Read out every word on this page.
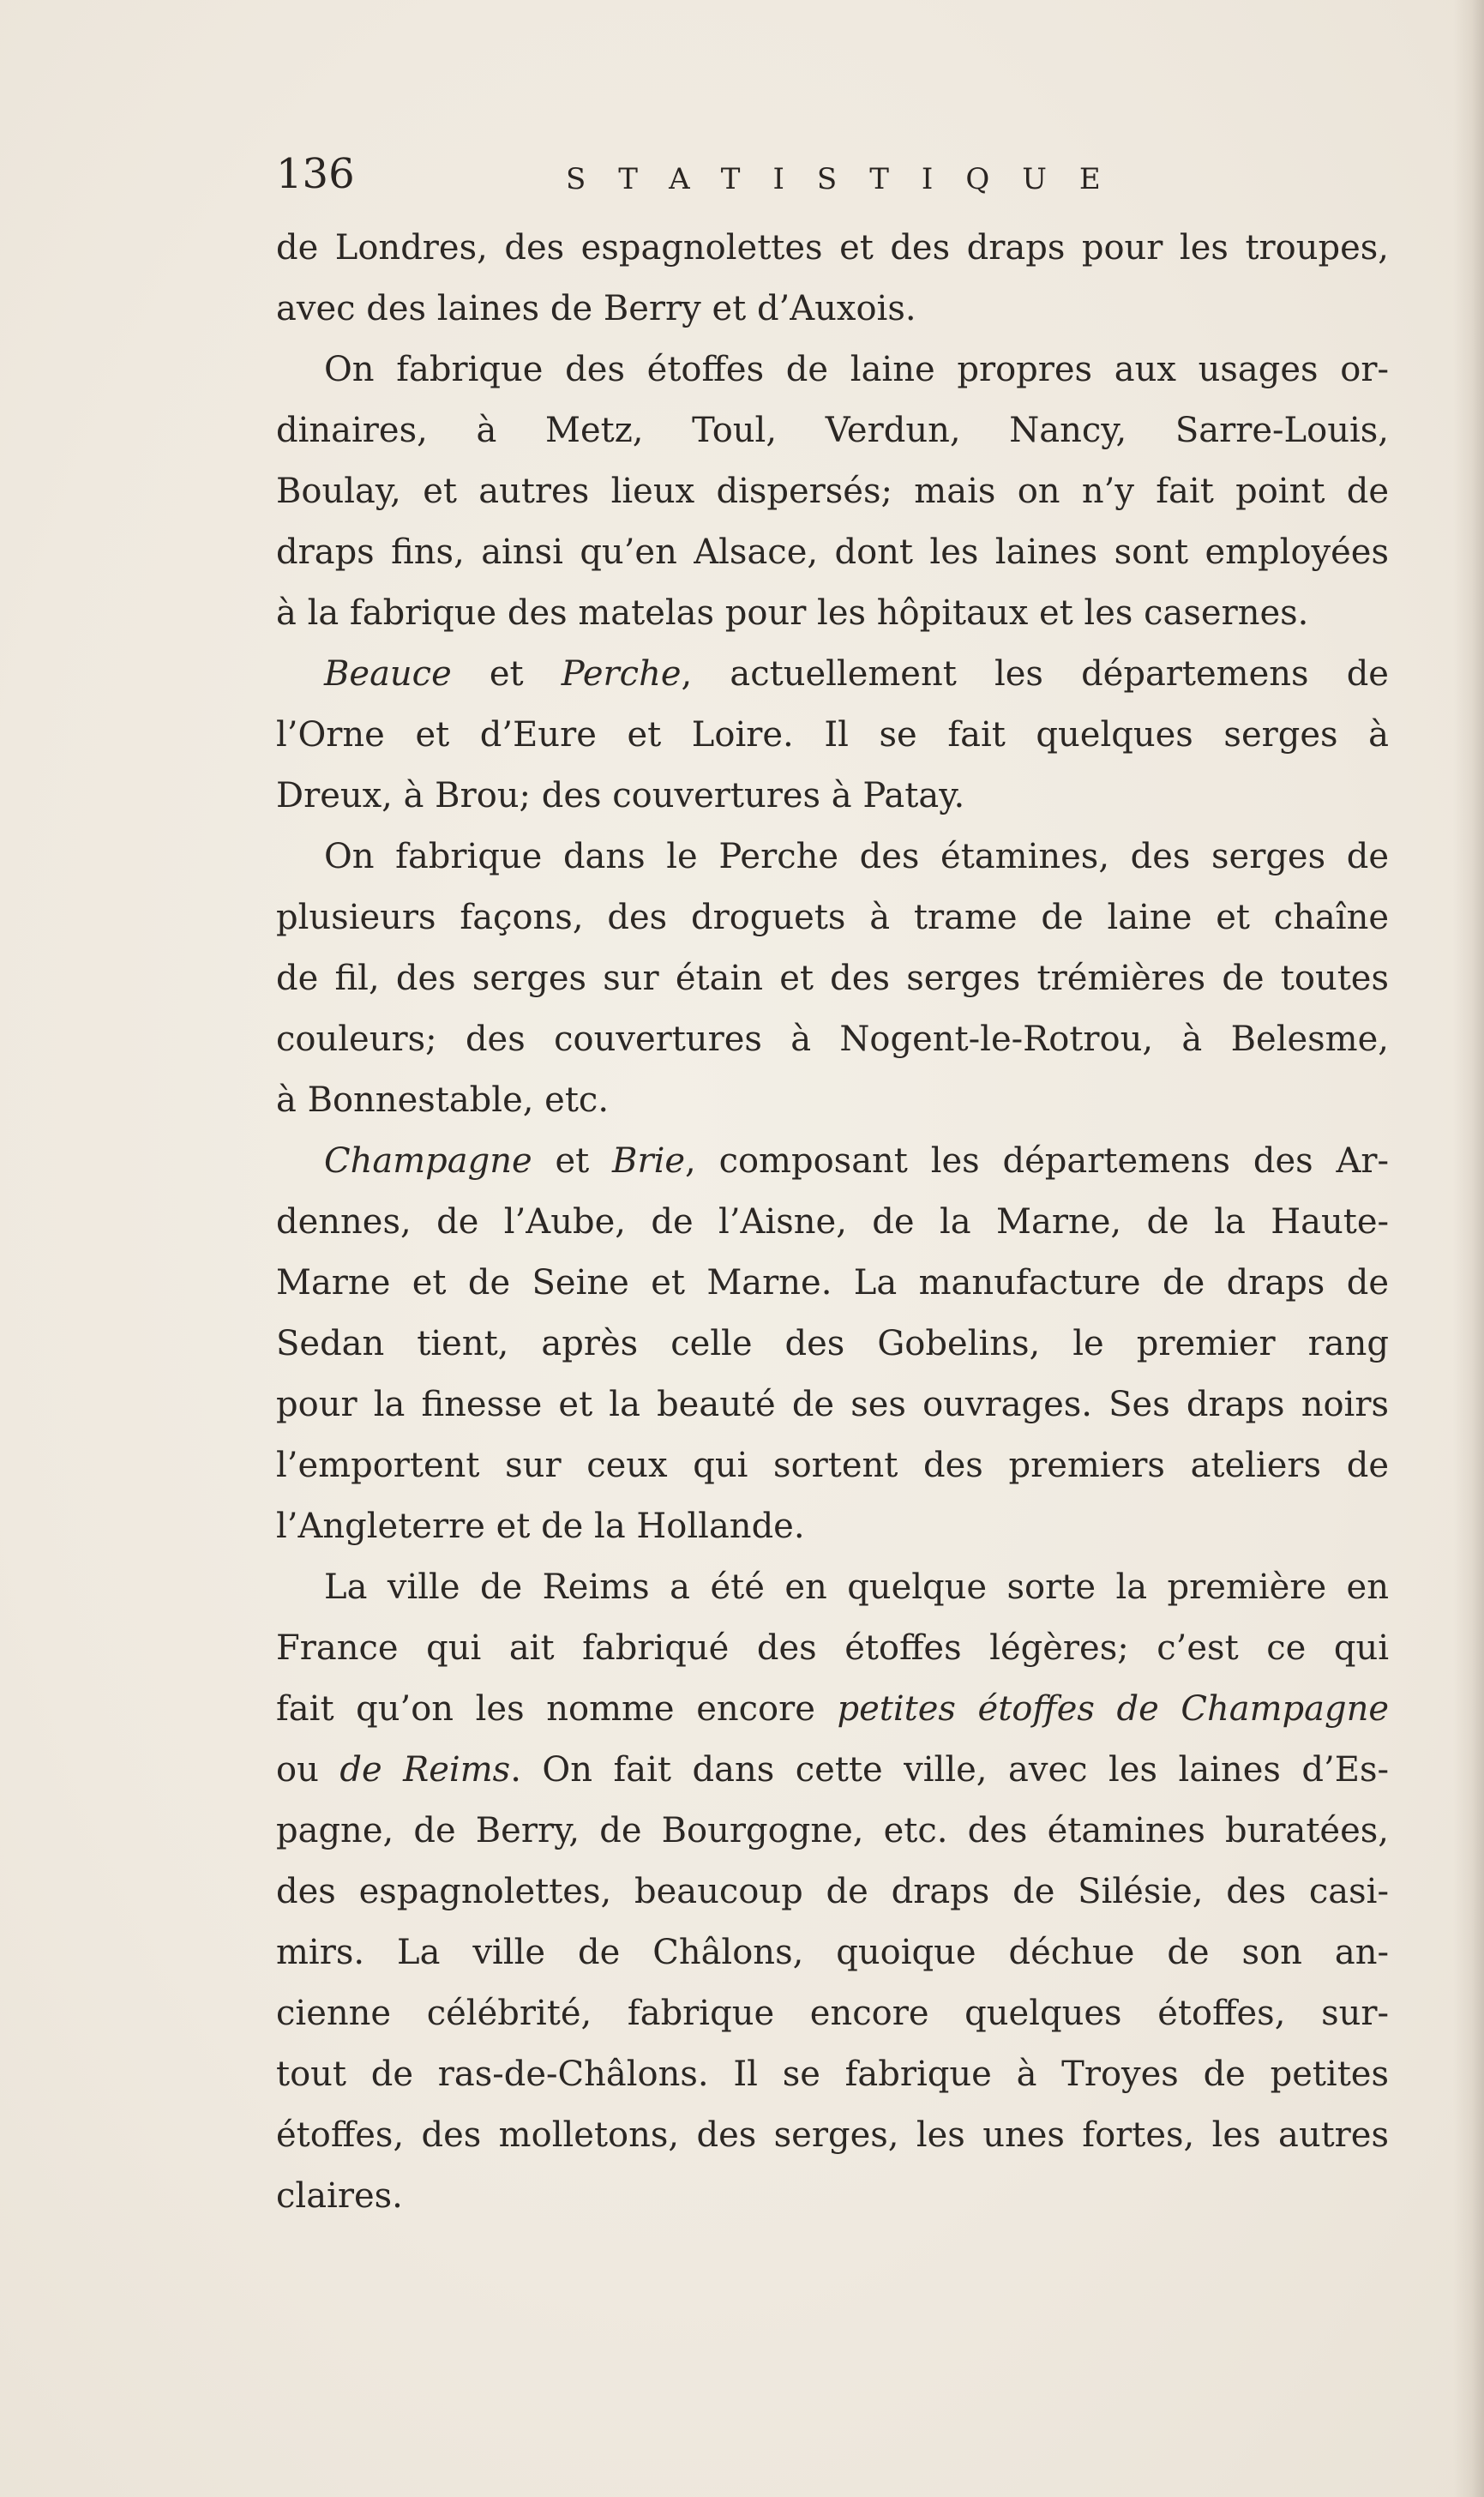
136	STATISTIQUE
de Londres, des espagnolettes et des draps pour les troupes,
avec des laines de Berry et d’Auxois.
On fabrique des étoffes de laine propres aux usages or-
dinaires, à Metz, Toul, Verdun, Nancy, Sarre-Louis,
Boulay, et autres lieux dispersés; mais on n’y fait point de
draps fins, ainsi qu’en Alsace, dont les laines sont employées
à la fabrique des matelas pour les hôpitaux et les casernes.
Beauce et Perche, actuellement les départemens de
l’Orne et d’Eure et Loire. Il se fait quelques serges à
Dreux, à Brou; des couvertures à Patay.
On fabrique dans le Perche des étamines, des serges de
plusieurs façons, des droguets à trame de laine et chaîne
de fil, des serges sur étain et des serges trémières de toutes
couleurs; des couvertures à Nogent-le-Rotrou, à Belesme,
à Bonnestable, etc.
Champagne et Brie, composant les départemens des Ar-
dennes, de l’Aube, de l’Aisne, de la Marne, de la Haute-
Marne et de Seine et Marne. La manufacture de draps de
Sedan tient, après celle des Gobelins, le premier rang
pour la finesse et la beauté de ses ouvrages. Ses draps noirs
l’emportent sur ceux qui sortent des premiers ateliers de
l’Angleterre et de la Hollande.
La ville de Reims a été en quelque sorte la première en
France qui ait fabriqué des étoffes légères; c’est ce qui
fait qu’on les nomme encore petites étoffes de Champagne
ou de Reims. On fait dans cette ville, avec les laines d’Es-
pagne, de Berry, de Bourgogne, etc. des étamines buratées,
des espagnolettes, beaucoup de draps de Silésie, des casi-
mirs. La ville de Châlons, quoique déchue de son an-
cienne célébrité, fabrique encore quelques étoffes, sur-
tout de ras-de-Châlons. Il se fabrique à Troyes de petites
étoffes, des molletons, des serges, les unes fortes, les autres
claires.
